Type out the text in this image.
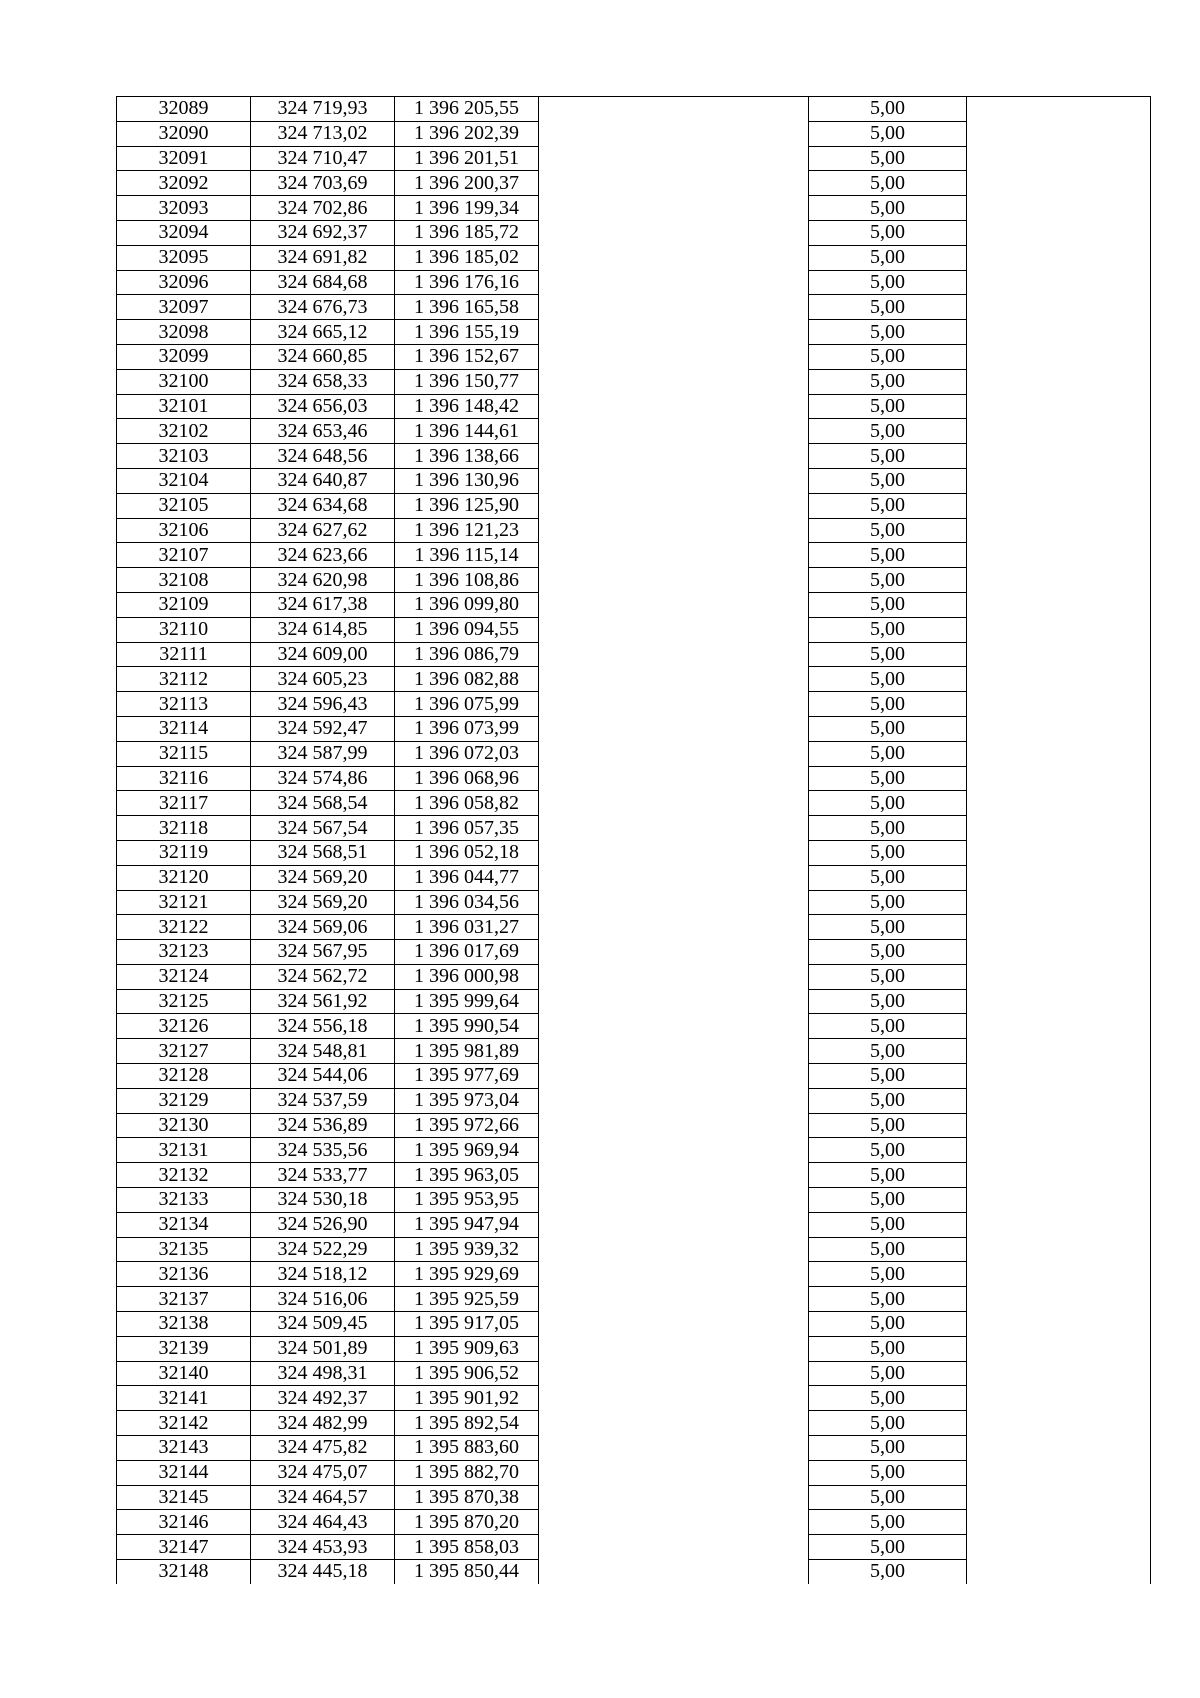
32089	324 719,93	1 396 205,55		5,00	
32090	324 713,02	1 396 202,39		5,00	
32091	324 710,47	1 396 201,51		5,00	
32092	324 703,69	1 396 200,37		5,00	
32093	324 702,86	1 396 199,34		5,00	
32094	324 692,37	1 396 185,72		5,00	
32095	324 691,82	1 396 185,02		5,00	
32096	324 684,68	1 396 176,16		5,00	
32097	324 676,73	1 396 165,58		5,00	
32098	324 665,12	1 396 155,19		5,00	
32099	324 660,85	1 396 152,67		5,00	
32100	324 658,33	1 396 150,77		5,00	
32101	324 656,03	1 396 148,42		5,00	
32102	324 653,46	1 396 144,61		5,00	
32103	324 648,56	1 396 138,66		5,00	
32104	324 640,87	1 396 130,96		5,00	
32105	324 634,68	1 396 125,90		5,00	
32106	324 627,62	1 396 121,23		5,00	
32107	324 623,66	1 396 115,14		5,00	
32108	324 620,98	1 396 108,86		5,00	
32109	324 617,38	1 396 099,80		5,00	
32110	324 614,85	1 396 094,55		5,00	
32111	324 609,00	1 396 086,79		5,00	
32112	324 605,23	1 396 082,88		5,00	
32113	324 596,43	1 396 075,99		5,00	
32114	324 592,47	1 396 073,99		5,00	
32115	324 587,99	1 396 072,03		5,00	
32116	324 574,86	1 396 068,96		5,00	
32117	324 568,54	1 396 058,82		5,00	
32118	324 567,54	1 396 057,35		5,00	
32119	324 568,51	1 396 052,18		5,00	
32120	324 569,20	1 396 044,77		5,00	
32121	324 569,20	1 396 034,56		5,00	
32122	324 569,06	1 396 031,27		5,00	
32123	324 567,95	1 396 017,69		5,00	
32124	324 562,72	1 396 000,98		5,00	
32125	324 561,92	1 395 999,64		5,00	
32126	324 556,18	1 395 990,54		5,00	
32127	324 548,81	1 395 981,89		5,00	
32128	324 544,06	1 395 977,69		5,00	
32129	324 537,59	1 395 973,04		5,00	
32130	324 536,89	1 395 972,66		5,00	
32131	324 535,56	1 395 969,94		5,00	
32132	324 533,77	1 395 963,05		5,00	
32133	324 530,18	1 395 953,95		5,00	
32134	324 526,90	1 395 947,94		5,00	
32135	324 522,29	1 395 939,32		5,00	
32136	324 518,12	1 395 929,69		5,00	
32137	324 516,06	1 395 925,59		5,00	
32138	324 509,45	1 395 917,05		5,00	
32139	324 501,89	1 395 909,63		5,00	
32140	324 498,31	1 395 906,52		5,00	
32141	324 492,37	1 395 901,92		5,00	
32142	324 482,99	1 395 892,54		5,00	
32143	324 475,82	1 395 883,60		5,00	
32144	324 475,07	1 395 882,70		5,00	
32145	324 464,57	1 395 870,38		5,00	
32146	324 464,43	1 395 870,20		5,00	
32147	324 453,93	1 395 858,03		5,00	
32148	324 445,18	1 395 850,44		5,00	
